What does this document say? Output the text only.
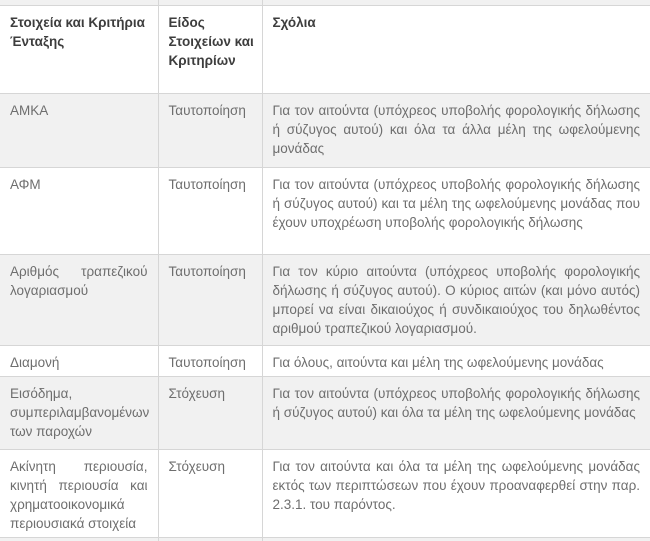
Στοιχεία και Κριτήρια Ένταξης	Είδος Στοιχείων και Κριτηρίων	Σχόλια
ΑΜΚΑ	Ταυτοποίηση	Για τον αιτούντα (υπόχρεος υποβολής φορολογικής δήλωσης ή σύζυγος αυτού) και όλα τα άλλα μέλη της ωφελούμενης μονάδας
ΑΦΜ	Ταυτοποίηση	Για τον αιτούντα (υπόχρεος υποβολής φορολογικής δήλωσης ή σύζυγος αυτού) και τα μέλη της ωφελούμενης μονάδας που έχουν υποχρέωση υποβολής φορολογικής δήλωσης
Αριθμός τραπεζικού λογαριασμού	Ταυτοποίηση	Για τον κύριο αιτούντα (υπόχρεος υποβολής φορολογικής δήλωσης ή σύζυγος αυτού). Ο κύριος αιτών (και μόνο αυτός) μπορεί να είναι δικαιούχος ή συνδικαιούχος του δηλωθέντος αριθμού τραπεζικού λογαριασμού.
Διαμονή	Ταυτοποίηση	Για όλους, αιτούντα και μέλη της ωφελούμενης μονάδας
Εισόδημα, συμπεριλαμβανομένων των παροχών	Στόχευση	Για τον αιτούντα (υπόχρεος υποβολής φορολογικής δήλωσης ή σύζυγος αυτού) και όλα τα μέλη της ωφελούμενης μονάδας
Ακίνητη περιουσία, κινητή περιουσία και χρηματοοικονομικά περιουσιακά στοιχεία	Στόχευση	Για τον αιτούντα και όλα τα μέλη της ωφελούμενης μονάδας εκτός των περιπτώσεων που έχουν προαναφερθεί στην παρ. 2.3.1. του παρόντος.
